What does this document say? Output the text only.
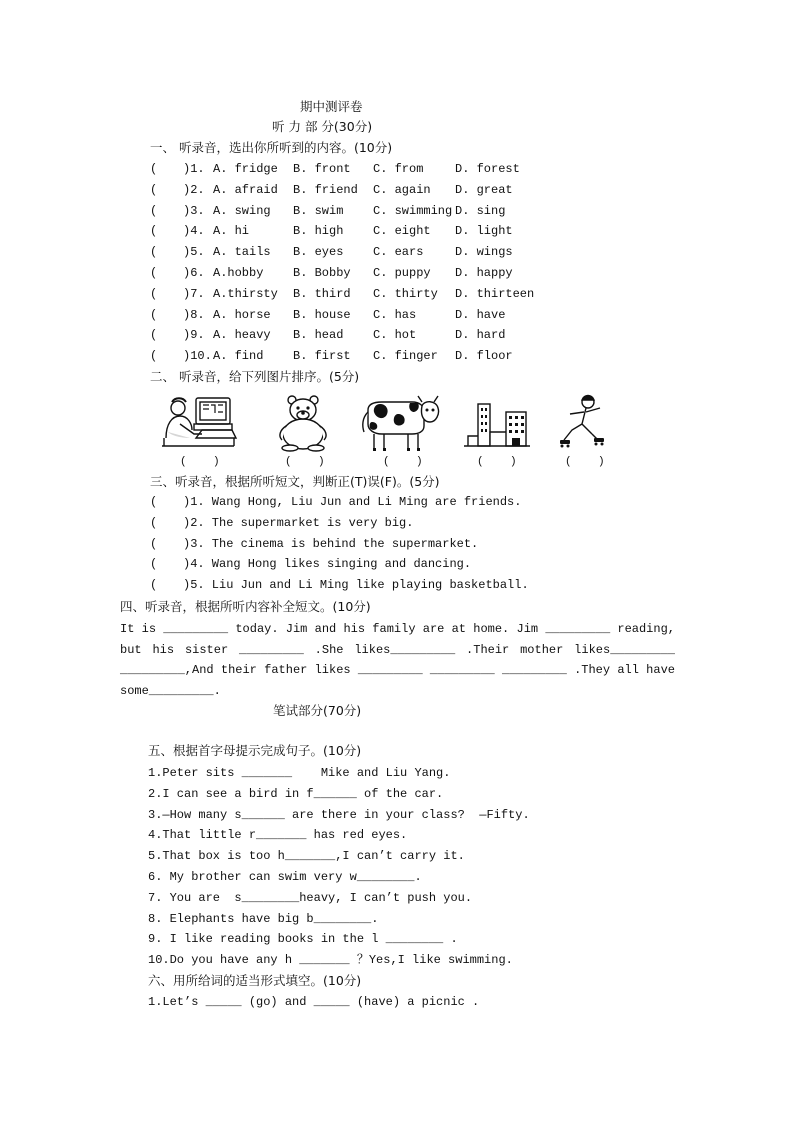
期中测评卷
听 力 部 分(30分)
一、 听录音，选出你所听到的内容。(10分)
( )1. A. fridge B. front C. from	D. forest
( )2. A. afraid B. friend C. again D. great
( )3. A. swing B. swim C. swimming D. sing
( )4. A. hi	B. high C. eight D. light
( )5. A. tails B. eyes C. ears	D. wings
( )6. A.hobby B. Bobby C. puppy D. happy
( )7. A.thirsty B. third C. thirty D. thirteen
( )8. A. horse B. house C. has	D. have
( )9. A. heavy B. head C. hot	D. hard
( )10. A. find B. first C. finger D. floor
二、 听录音，给下列图片排序。(5分)
(    )	(    )	(    )	(    )	(    )
三、听录音，根据所听短文，判断正(T)误(F)。(5分)
( )1. Wang Hong, Liu Jun and Li Ming are friends.
( )2. The supermarket is very big.
( )3. The cinema is behind the supermarket.
( )4. Wang Hong likes singing and dancing.
( )5. Liu Jun and Li Ming like playing basketball.
四、听录音，根据所听内容补全短文。(10分)
It is _________ today. Jim and his family are at home. Jim _________ reading,
but his sister _________ .She likes_________ .Their mother likes_________
_________,And their father likes _________ _________ _________ .They all have
some_________.
笔试部分(70分)
五、根据首字母提示完成句子。(10分)
1.Peter sits _______    Mike and Liu Yang.
2.I can see a bird in f______ of the car.
3.—How many s______ are there in your class?  —Fifty.
4.That little r_______ has red eyes.
5.That box is too h_______,I can’t carry it.
6. My brother can swim very w________.
7. You are  s________heavy, I can’t push you.
8. Elephants have big b________.
9. I like reading books in the l ________ .
10.Do you have any h _______ ？Yes,I like swimming.
六、用所给词的适当形式填空。(10分)
1.Let’s _____ (go) and _____ (have) a picnic .
